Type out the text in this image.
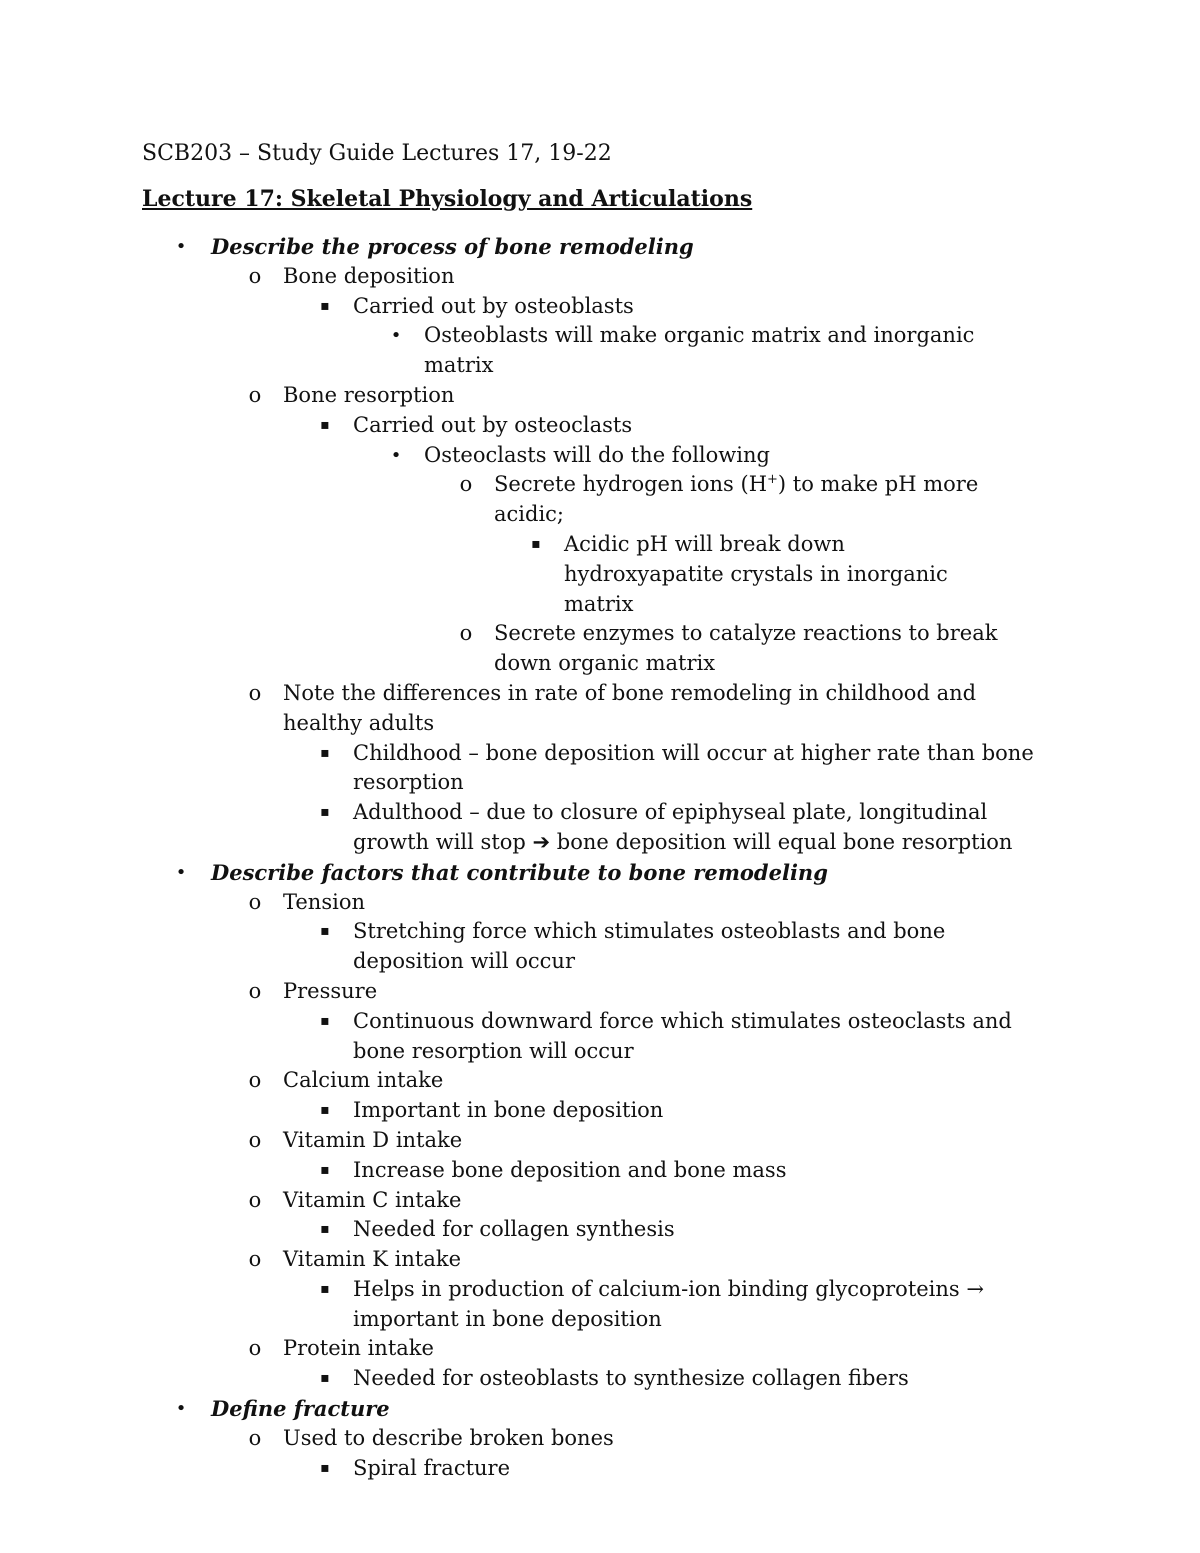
SCB203 – Study Guide Lectures 17, 19-22
Lecture 17: Skeletal Physiology and Articulations
•	Describe the process of bone remodeling
o	Bone deposition
▪	Carried out by osteoblasts
•	Osteoblasts will make organic matrix and inorganic matrix
o	Bone resorption
▪	Carried out by osteoclasts
•	Osteoclasts will do the following
o	Secrete hydrogen ions (H+) to make pH more acidic;
▪	Acidic pH will break down hydroxyapatite crystals in inorganic matrix
o	Secrete enzymes to catalyze reactions to break down organic matrix
o	Note the differences in rate of bone remodeling in childhood and healthy adults
▪	Childhood – bone deposition will occur at higher rate than bone resorption
▪	Adulthood – due to closure of epiphyseal plate, longitudinal growth will stop ➔ bone deposition will equal bone resorption
•	Describe factors that contribute to bone remodeling
o	Tension
▪	Stretching force which stimulates osteoblasts and bone deposition will occur
o	Pressure
▪	Continuous downward force which stimulates osteoclasts and bone resorption will occur
o	Calcium intake
▪	Important in bone deposition
o	Vitamin D intake
▪	Increase bone deposition and bone mass
o	Vitamin C intake
▪	Needed for collagen synthesis
o	Vitamin K intake
▪	Helps in production of calcium-ion binding glycoproteins → important in bone deposition
o	Protein intake
▪	Needed for osteoblasts to synthesize collagen fibers
•	Define fracture
o	Used to describe broken bones
▪	Spiral fracture
